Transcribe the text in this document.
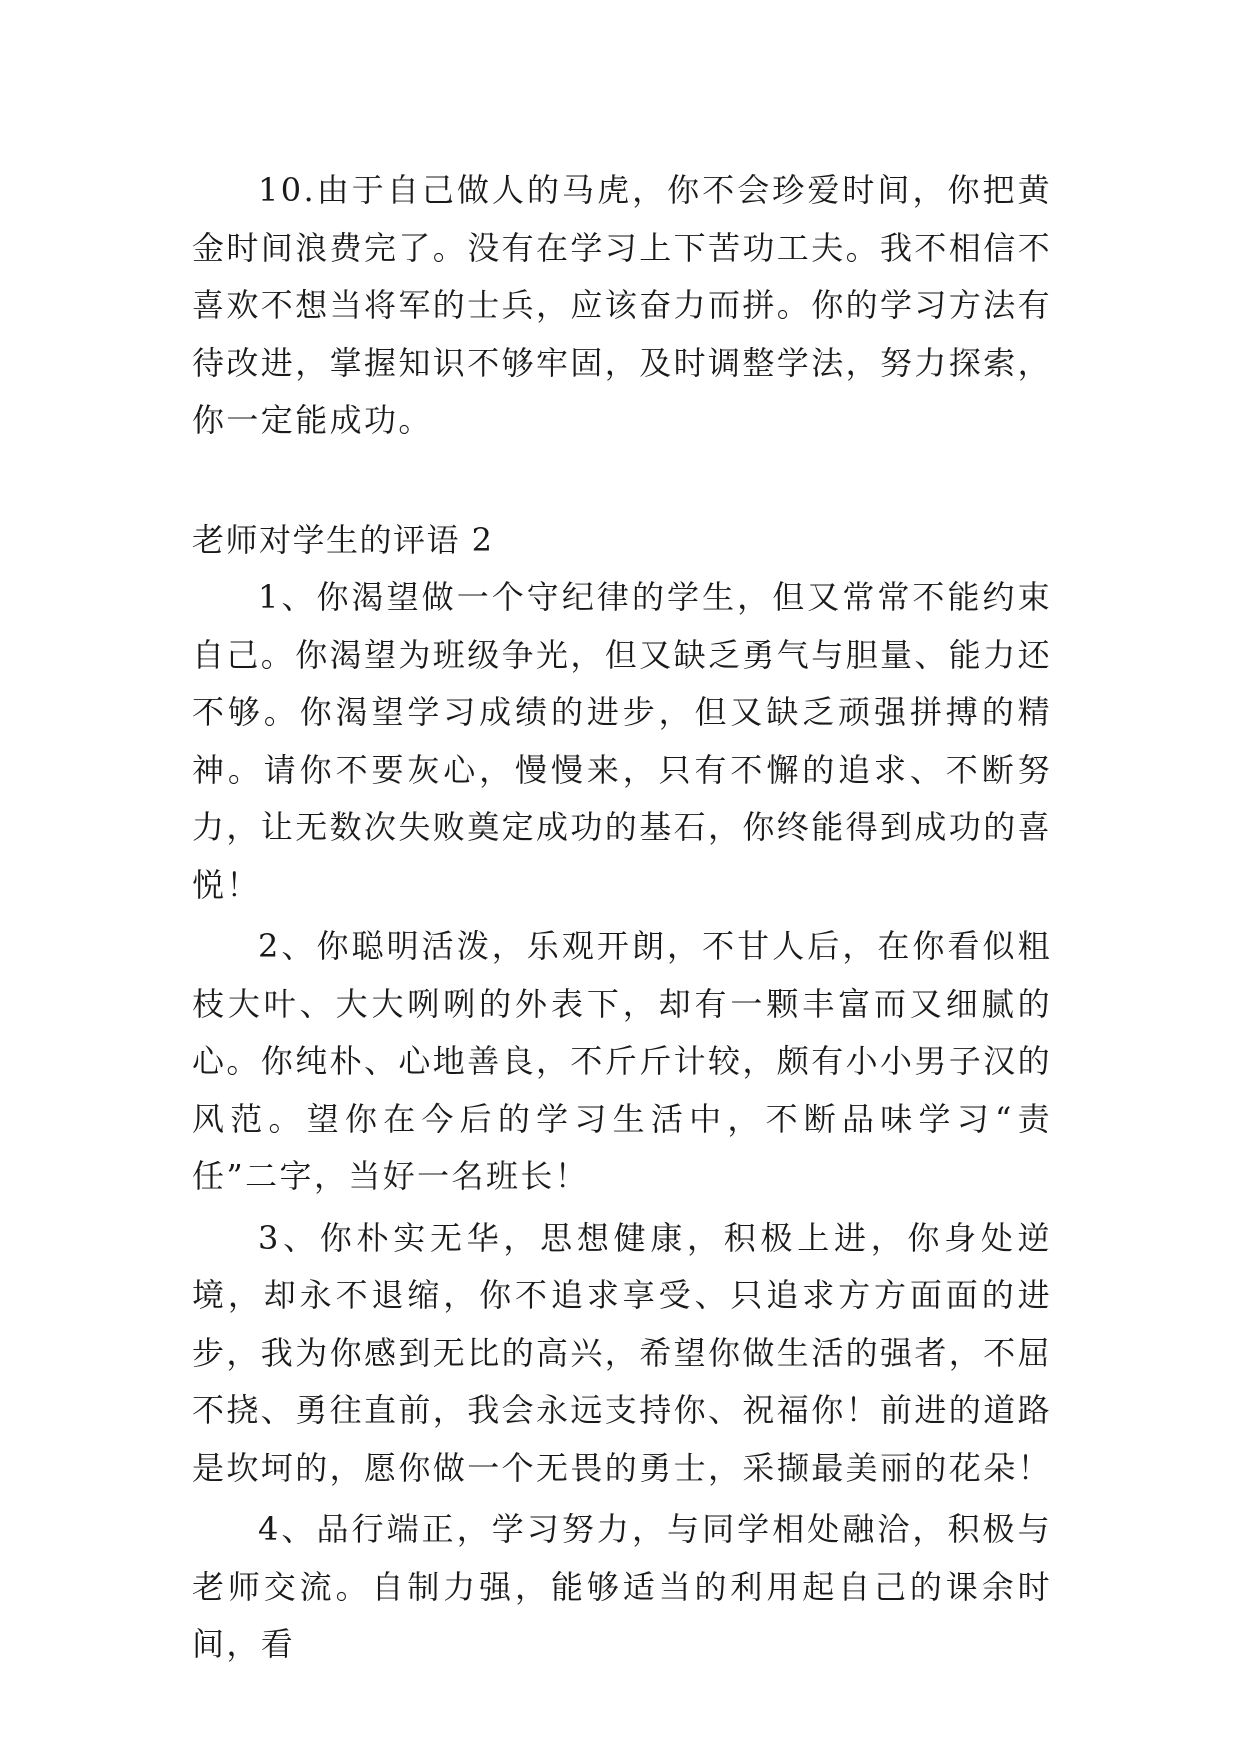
10.由于自己做人的马虎，你不会珍爱时间，你把黄金时间浪费完了。没有在学习上下苦功工夫。我不相信不喜欢不想当将军的士兵，应该奋力而拼。你的学习方法有待改进，掌握知识不够牢固，及时调整学法，努力探索，你一定能成功。

老师对学生的评语 2

1、你渴望做一个守纪律的学生，但又常常不能约束自己。你渴望为班级争光，但又缺乏勇气与胆量、能力还不够。你渴望学习成绩的进步，但又缺乏顽强拼搏的精神。请你不要灰心，慢慢来，只有不懈的追求、不断努力，让无数次失败奠定成功的基石，你终能得到成功的喜悦！

2、你聪明活泼，乐观开朗，不甘人后，在你看似粗枝大叶、大大咧咧的外表下，却有一颗丰富而又细腻的心。你纯朴、心地善良，不斤斤计较，颇有小小男子汉的风范。望你在今后的学习生活中，不断品味学习“责任”二字，当好一名班长！

3、你朴实无华，思想健康，积极上进，你身处逆境，却永不退缩，你不追求享受、只追求方方面面的进步，我为你感到无比的高兴，希望你做生活的强者，不屈不挠、勇往直前，我会永远支持你、祝福你！前进的道路是坎坷的，愿你做一个无畏的勇士，采撷最美丽的花朵！

4、品行端正，学习努力，与同学相处融洽，积极与老师交流。自制力强，能够适当的利用起自己的课余时间，看
